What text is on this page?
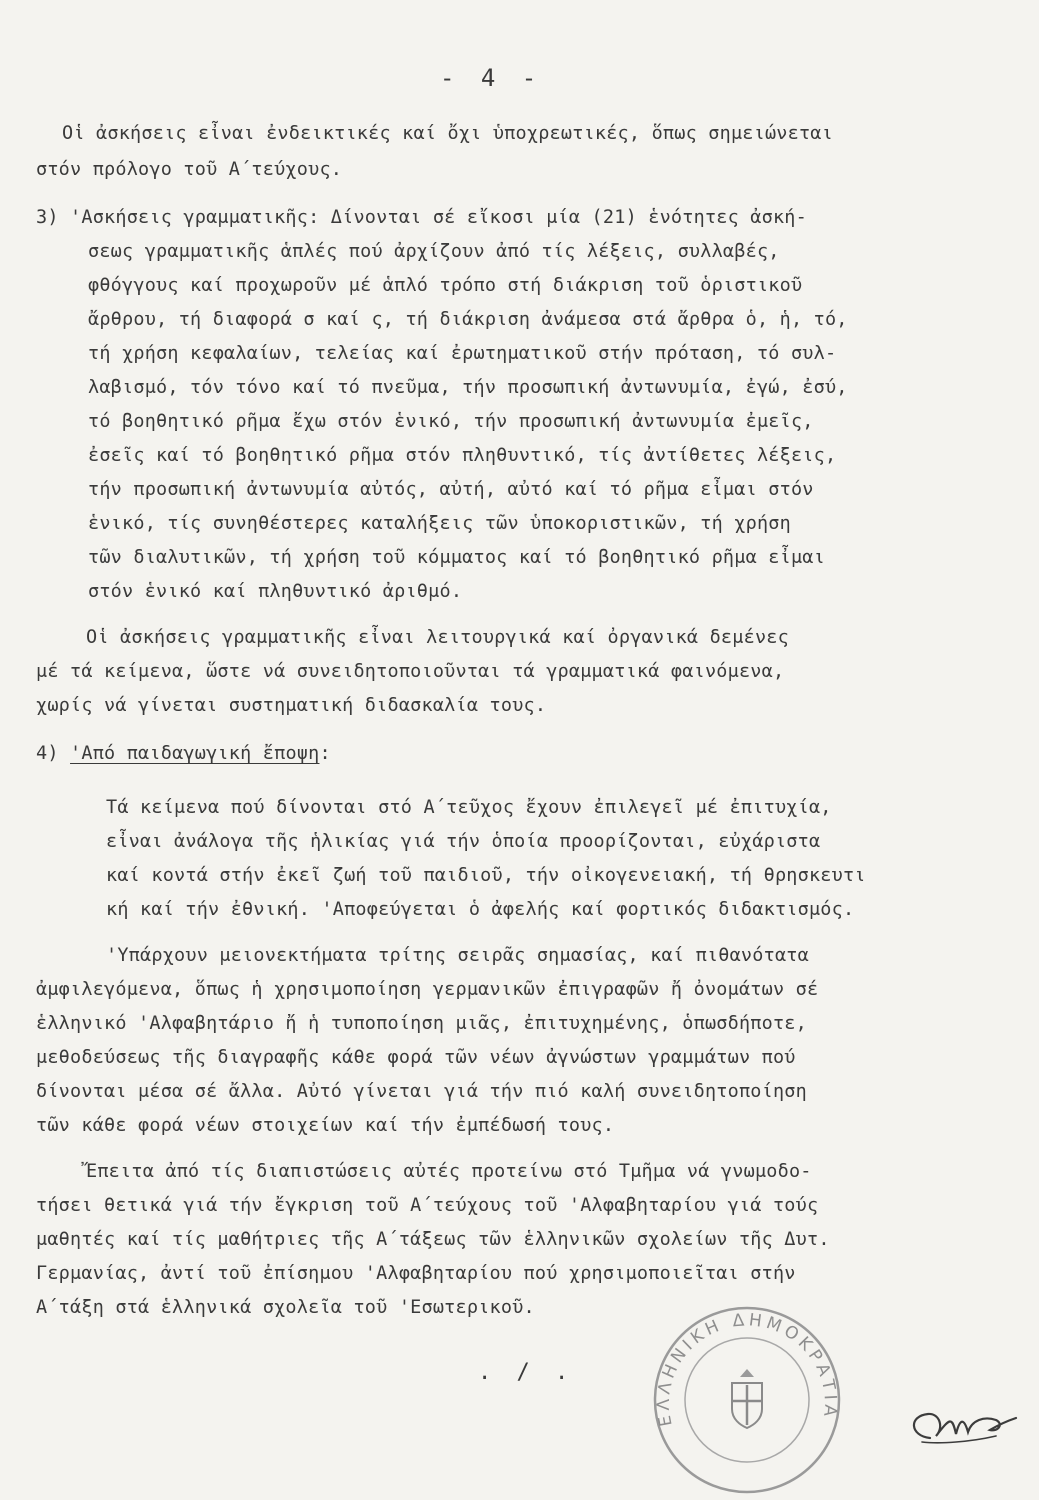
- 4 -
Οἱ ἀσκήσεις εἶναι ἐνδεικτικές καί ὄχι ὑποχρεωτικές, ὅπως σημειώνεται
στόν πρόλογο τοῦ Α΄τεύχους.
3) 'Ασκήσεις γραμματικῆς: Δίνονται σέ εἴκοσι μία (21) ἑνότητες ἀσκή-
σεως γραμματικῆς ἁπλές πού ἀρχίζουν ἀπό τίς λέξεις, συλλαβές,
φθόγγους καί προχωροῦν μέ ἁπλό τρόπο στή διάκριση τοῦ ὁριστικοῦ
ἄρθρου, τή διαφορά σ καί ς, τή διάκριση ἀνάμεσα στά ἄρθρα ὁ, ἡ, τό,
τή χρήση κεφαλαίων, τελείας καί ἐρωτηματικοῦ στήν πρόταση, τό συλ-
λαβισμό, τόν τόνο καί τό πνεῦμα, τήν προσωπική ἀντωνυμία, ἐγώ, ἐσύ,
τό βοηθητικό ρῆμα ἔχω στόν ἑνικό, τήν προσωπική ἀντωνυμία ἐμεῖς,
ἐσεῖς καί τό βοηθητικό ρῆμα στόν πληθυντικό, τίς ἀντίθετες λέξεις,
τήν προσωπική ἀντωνυμία αὐτός, αὐτή, αὐτό καί τό ρῆμα εἶμαι στόν
ἑνικό, τίς συνηθέστερες καταλήξεις τῶν ὑποκοριστικῶν, τή χρήση
τῶν διαλυτικῶν, τή χρήση τοῦ κόμματος καί τό βοηθητικό ρῆμα εἶμαι
στόν ἑνικό καί πληθυντικό ἀριθμό.
Οἱ ἀσκήσεις γραμματικῆς εἶναι λειτουργικά καί ὀργανικά δεμένες
μέ τά κείμενα, ὥστε νά συνειδητοποιοῦνται τά γραμματικά φαινόμενα,
χωρίς νά γίνεται συστηματική διδασκαλία τους.
4) 'Από παιδαγωγική ἔποψη:
Τά κείμενα πού δίνονται στό Α΄τεῦχος ἔχουν ἐπιλεγεῖ μέ ἐπιτυχία,
εἶναι ἀνάλογα τῆς ἡλικίας γιά τήν ὁποία προορίζονται, εὐχάριστα
καί κοντά στήν ἐκεῖ ζωή τοῦ παιδιοῦ, τήν οἰκογενειακή, τή θρησκευτι
κή καί τήν ἐθνική. 'Αποφεύγεται ὁ ἀφελής καί φορτικός διδακτισμός.
'Υπάρχουν μειονεκτήματα τρίτης σειρᾶς σημασίας, καί πιθανότατα
ἀμφιλεγόμενα, ὅπως ἡ χρησιμοποίηση γερμανικῶν ἐπιγραφῶν ἤ ὀνομάτων σέ
ἑλληνικό 'Αλφαβητάριο ἤ ἡ τυποποίηση μιᾶς, ἐπιτυχημένης, ὁπωσδήποτε,
μεθοδεύσεως τῆς διαγραφῆς κάθε φορά τῶν νέων ἀγνώστων γραμμάτων πού
δίνονται μέσα σέ ἄλλα. Αὐτό γίνεται γιά τήν πιό καλή συνειδητοποίηση
τῶν κάθε φορά νέων στοιχείων καί τήν ἐμπέδωσή τους.
Ἔπειτα ἀπό τίς διαπιστώσεις αὐτές προτείνω στό Τμῆμα νά γνωμοδο-
τήσει θετικά γιά τήν ἔγκριση τοῦ Α΄τεύχους τοῦ 'Αλφαβηταρίου γιά τούς
μαθητές καί τίς μαθήτριες τῆς Α΄τάξεως τῶν ἑλληνικῶν σχολείων τῆς Δυτ.
Γερμανίας, ἀντί τοῦ ἐπίσημου 'Αλφαβηταρίου πού χρησιμοποιεῖται στήν
Α΄τάξη στά ἑλληνικά σχολεῖα τοῦ 'Εσωτερικοῦ.
. / .
ΕΛΛΗΝΙΚΗ ΔΗΜΟΚΡΑΤΙΑ
